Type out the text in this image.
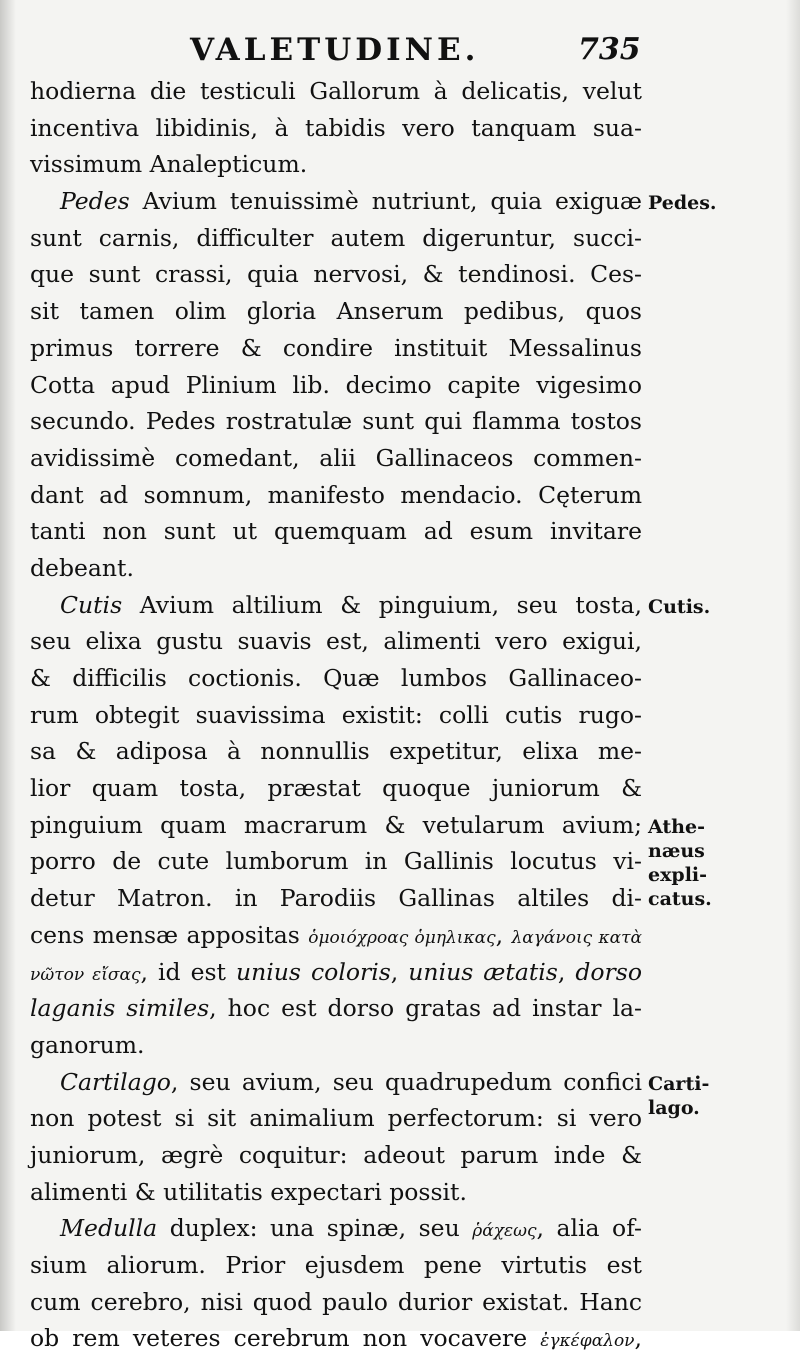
VALETUDINE.	735
hodierna die testiculi Gallorum à delicatis, velut
incentiva libidinis, à tabidis vero tanquam sua-
vissimum Analepticum.
Pedes Avium tenuissimè nutriunt, quia exiguæ
sunt carnis, difficulter autem digeruntur, succi-
que sunt crassi, quia nervosi, & tendinosi. Ces-
sit tamen olim gloria Anserum pedibus, quos
primus torrere & condire instituit Messalinus
Cotta apud Plinium lib. decimo capite vigesimo
secundo. Pedes rostratulæ sunt qui flamma tostos
avidissimè comedant, alii Gallinaceos commen-
dant ad somnum, manifesto mendacio. Cęterum
tanti non sunt ut quemquam ad esum invitare
debeant.
Cutis Avium altilium & pinguium, seu tosta,
seu elixa gustu suavis est, alimenti vero exigui,
& difficilis coctionis. Quæ lumbos Gallinaceo-
rum obtegit suavissima existit: colli cutis rugo-
sa & adiposa à nonnullis expetitur, elixa me-
lior quam tosta, præstat quoque juniorum &
pinguium quam macrarum & vetularum avium;
porro de cute lumborum in Gallinis locutus vi-
detur Matron. in Parodiis Gallinas altiles di-
cens mensæ appositas ὁμοιόχροας ὁμηλικας, λαγάνοις κατὰ
νῶτον εἴσας, id est unius coloris, unius ætatis, dorso
laganis similes, hoc est dorso gratas ad instar la-
ganorum.
Cartilago, seu avium, seu quadrupedum confici
non potest si sit animalium perfectorum: si vero
juniorum, ægrè coquitur: adeout parum inde &
alimenti & utilitatis expectari possit.
Medulla duplex: una spinæ, seu ῥάχεως, alia of-
sium aliorum. Prior ejusdem pene virtutis est
cum cerebro, nisi quod paulo durior existat. Hanc
ob rem veteres cerebrum non vocavere ἐγκέφαλον,
Pedes.
Cutis.
Athe-
næus
expli-
catus.
Carti-
lago.
